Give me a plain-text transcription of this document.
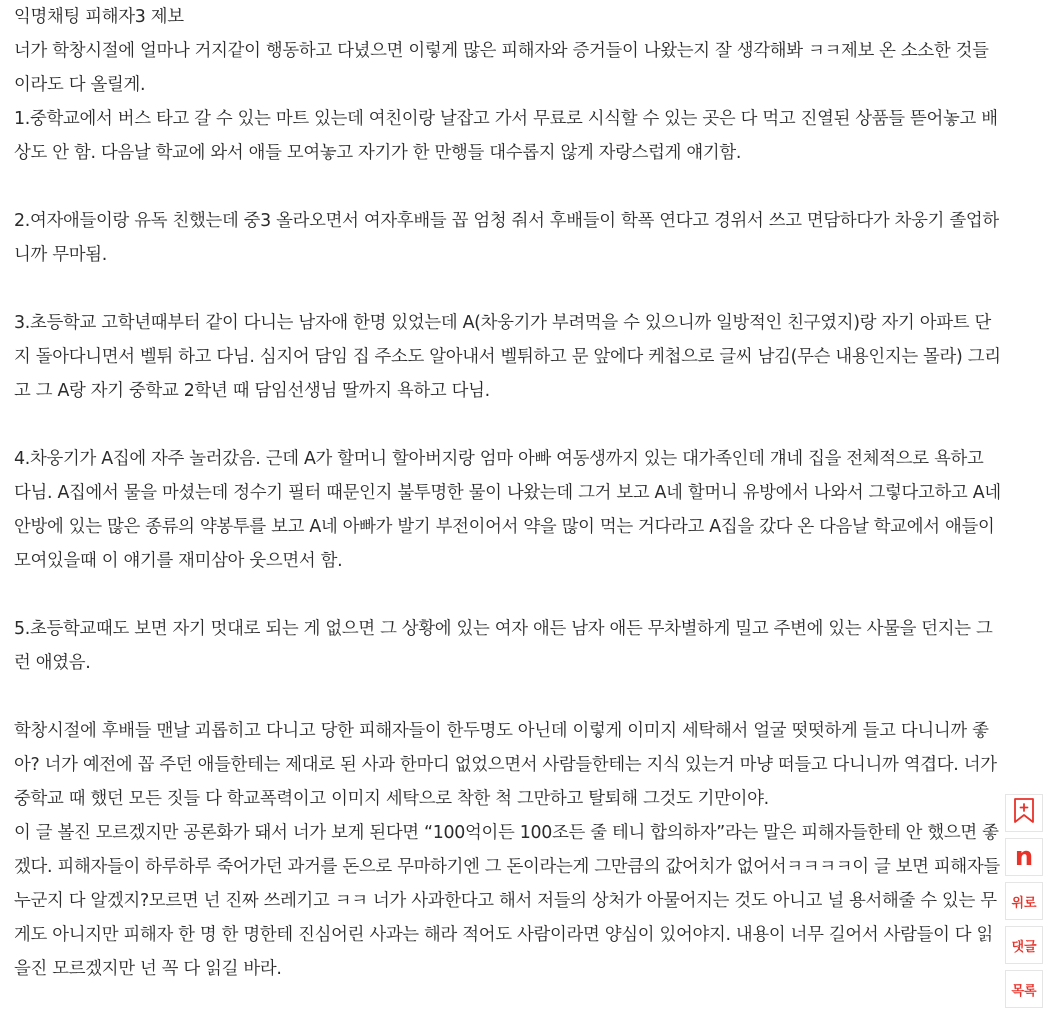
익명채팅 피해자3 제보

너가 학창시절에 얼마나 거지같이 행동하고 다녔으면 이렇게 많은 피해자와 증거들이 나왔는지 잘 생각해봐 ㅋㅋ제보 온 소소한 것들이라도 다 올릴게.

1.중학교에서 버스 타고 갈 수 있는 마트 있는데 여친이랑 날잡고 가서 무료로 시식할 수 있는 곳은 다 먹고 진열된 상품들 뜯어놓고 배상도 안 함. 다음날 학교에 와서 애들 모여놓고 자기가 한 만행들 대수롭지 않게 자랑스럽게 얘기함.

2.여자애들이랑 유독 친했는데 중3 올라오면서 여자후배들 꼽 엄청 줘서 후배들이 학폭 연다고 경위서 쓰고 면담하다가 차웅기 졸업하니까 무마됨.

3.초등학교 고학년때부터 같이 다니는 남자애 한명 있었는데 A(차웅기가 부려먹을 수 있으니까 일방적인 친구였지)랑 자기 아파트 단지 돌아다니면서 벨튀 하고 다님. 심지어 담임 집 주소도 알아내서 벨튀하고 문 앞에다 케첩으로 글씨 남김(무슨 내용인지는 몰라) 그리고 그 A랑 자기 중학교 2학년 때 담임선생님 딸까지 욕하고 다님.

4.차웅기가 A집에 자주 놀러갔음. 근데 A가 할머니 할아버지랑 엄마 아빠 여동생까지 있는 대가족인데 걔네 집을 전체적으로 욕하고 다님. A집에서 물을 마셨는데 정수기 필터 때문인지 불투명한 물이 나왔는데 그거 보고 A네 할머니 유방에서 나와서 그렇다고하고 A네 안방에 있는 많은 종류의 약봉투를 보고 A네 아빠가 발기 부전이어서 약을 많이 먹는 거다라고 A집을 갔다 온 다음날 학교에서 애들이 모여있을때 이 얘기를 재미삼아 웃으면서 함.

5.초등학교때도 보면 자기 멋대로 되는 게 없으면 그 상황에 있는 여자 애든 남자 애든 무차별하게 밀고 주변에 있는 사물을 던지는 그런 애였음.

학창시절에 후배들 맨날 괴롭히고 다니고 당한 피해자들이 한두명도 아닌데 이렇게 이미지 세탁해서 얼굴 떳떳하게 들고 다니니까 좋아? 너가 예전에 꼽 주던 애들한테는 제대로 된 사과 한마디 없었으면서 사람들한테는 지식 있는거 마냥 떠들고 다니니까 역겹다. 너가 중학교 때 했던 모든 짓들 다 학교폭력이고 이미지 세탁으로 착한 척 그만하고 탈퇴해 그것도 기만이야.

이 글 볼진 모르겠지만 공론화가 돼서 너가 보게 된다면 “100억이든 100조든 줄 테니 합의하자”라는 말은 피해자들한테 안 했으면 좋겠다. 피해자들이 하루하루 죽어가던 과거를 돈으로 무마하기엔 그 돈이라는게 그만큼의 값어치가 없어서ㅋㅋㅋㅋ이 글 보면 피해자들 누군지 다 알겠지?모르면 넌 진짜 쓰레기고 ㅋㅋ 너가 사과한다고 해서 저들의 상처가 아물어지는 것도 아니고 널 용서해줄 수 있는 무게도 아니지만 피해자 한 명 한 명한테 진심어린 사과는 해라 적어도 사람이라면 양심이 있어야지. 내용이 너무 길어서 사람들이 다 읽을진 모르겠지만 넌 꼭 다 읽길 바라.

n
위로
댓글
목록
